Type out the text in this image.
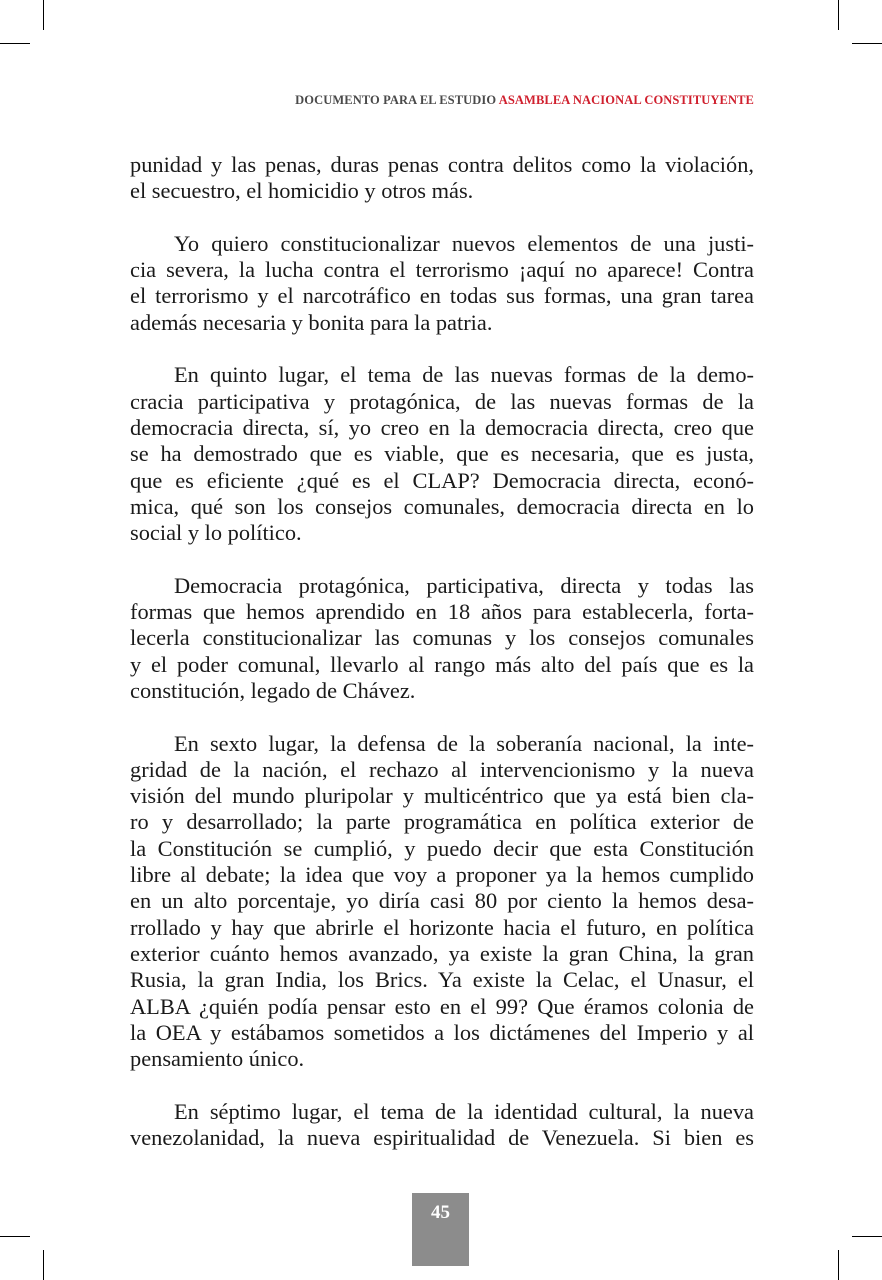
DOCUMENTO PARA EL ESTUDIO ASAMBLEA NACIONAL CONSTITUYENTE
punidad y las penas, duras penas contra delitos como la violación,
el secuestro, el homicidio y otros más.
Yo quiero constitucionalizar nuevos elementos de una justi-
cia severa, la lucha contra el terrorismo ¡aquí no aparece! Contra
el terrorismo y el narcotráfico en todas sus formas, una gran tarea
además necesaria y bonita para la patria.
En quinto lugar, el tema de las nuevas formas de la demo-
cracia participativa y protagónica, de las nuevas formas de la
democracia directa, sí, yo creo en la democracia directa, creo que
se ha demostrado que es viable, que es necesaria, que es justa,
que es eficiente ¿qué es el CLAP? Democracia directa, econó-
mica, qué son los consejos comunales, democracia directa en lo
social y lo político.
Democracia protagónica, participativa, directa y todas las
formas que hemos aprendido en 18 años para establecerla, forta-
lecerla constitucionalizar las comunas y los consejos comunales
y el poder comunal, llevarlo al rango más alto del país que es la
constitución, legado de Chávez.
En sexto lugar, la defensa de la soberanía nacional, la inte-
gridad de la nación, el rechazo al intervencionismo y la nueva
visión del mundo pluripolar y multicéntrico que ya está bien cla-
ro y desarrollado; la parte programática en política exterior de
la Constitución se cumplió, y puedo decir que esta Constitución
libre al debate; la idea que voy a proponer ya la hemos cumplido
en un alto porcentaje, yo diría casi 80 por ciento la hemos desa-
rrollado y hay que abrirle el horizonte hacia el futuro, en política
exterior cuánto hemos avanzado, ya existe la gran China, la gran
Rusia, la gran India, los Brics. Ya existe la Celac, el Unasur, el
ALBA ¿quién podía pensar esto en el 99? Que éramos colonia de
la OEA y estábamos sometidos a los dictámenes del Imperio y al
pensamiento único.
En séptimo lugar, el tema de la identidad cultural, la nueva
venezolanidad, la nueva espiritualidad de Venezuela. Si bien es
45
